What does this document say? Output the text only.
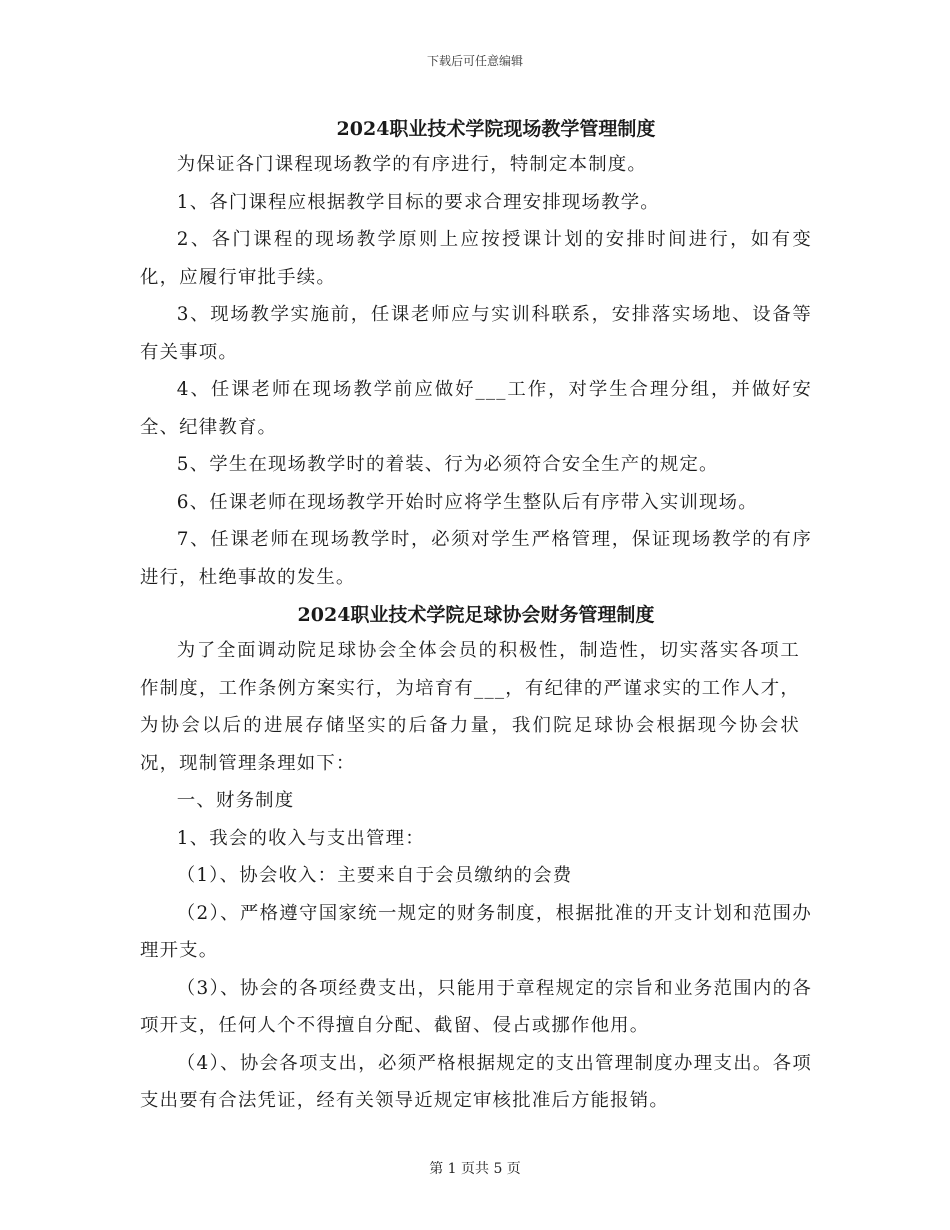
下载后可任意编辑
2024职业技术学院现场教学管理制度

为保证各门课程现场教学的有序进行，特制定本制度。

1、各门课程应根据教学目标的要求合理安排现场教学。

2、各门课程的现场教学原则上应按授课计划的安排时间进行，如有变化，应履行审批手续。

3、现场教学实施前，任课老师应与实训科联系，安排落实场地、设备等有关事项。

4、任课老师在现场教学前应做好___工作，对学生合理分组，并做好安全、纪律教育。

5、学生在现场教学时的着装、行为必须符合安全生产的规定。

6、任课老师在现场教学开始时应将学生整队后有序带入实训现场。

7、任课老师在现场教学时，必须对学生严格管理，保证现场教学的有序进行，杜绝事故的发生。

2024职业技术学院足球协会财务管理制度

为了全面调动院足球协会全体会员的积极性，制造性，切实落实各项工作制度，工作条例方案实行，为培育有___，有纪律的严谨求实的工作人才，为协会以后的进展存储坚实的后备力量，我们院足球协会根据现今协会状况，现制管理条理如下：

一、财务制度

1、我会的收入与支出管理：

（1）、协会收入：主要来自于会员缴纳的会费

（2）、严格遵守国家统一规定的财务制度，根据批准的开支计划和范围办理开支。

（3）、协会的各项经费支出，只能用于章程规定的宗旨和业务范围内的各项开支，任何人个不得擅自分配、截留、侵占或挪作他用。

（4）、协会各项支出，必须严格根据规定的支出管理制度办理支出。各项支出要有合法凭证，经有关领导近规定审核批准后方能报销。

第 1 页共 5 页
